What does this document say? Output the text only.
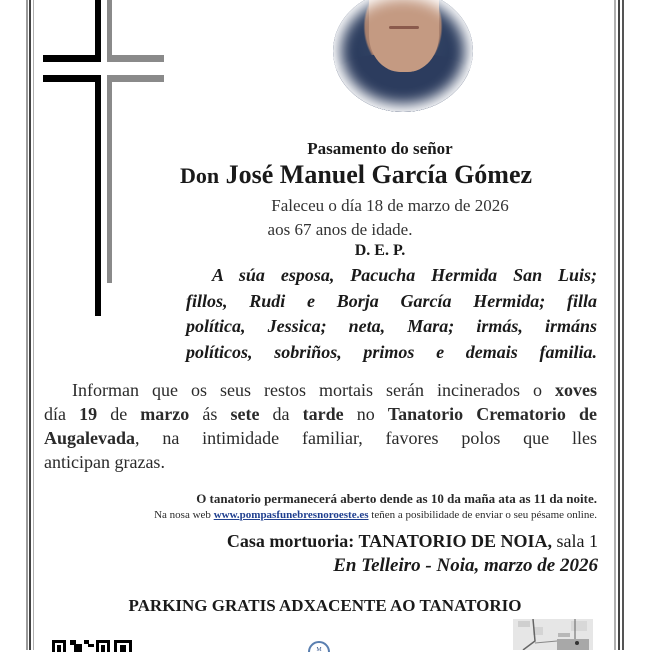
Pasamento do señor
Don José Manuel García Gómez
Faleceu o día 18 de marzo de 2026
aos 67 anos de idade.
D. E. P.
A súa esposa, Pacucha Hermida San Luis;
fillos, Rudi e Borja García Hermida; filla
política, Jessica; neta, Mara; irmás, irmáns
políticos, sobriños, primos e demais familia.
Informan que os seus restos mortais serán incinerados o xoves
día 19 de marzo ás sete da tarde no Tanatorio Crematorio de
Augalevada, na intimidade familiar, favores polos que lles
anticipan grazas.
O tanatorio permanecerá aberto dende as 10 da maña ata as 11 da noite.
Na nosa web www.pompasfunebresnoroeste.es teñen a posibilidade de enviar o seu pésame online.
Casa mortuoria: TANATORIO DE NOIA, sala 1
En Telleiro - Noia, marzo de 2026
PARKING GRATIS ADXACENTE AO TANATORIO
M
